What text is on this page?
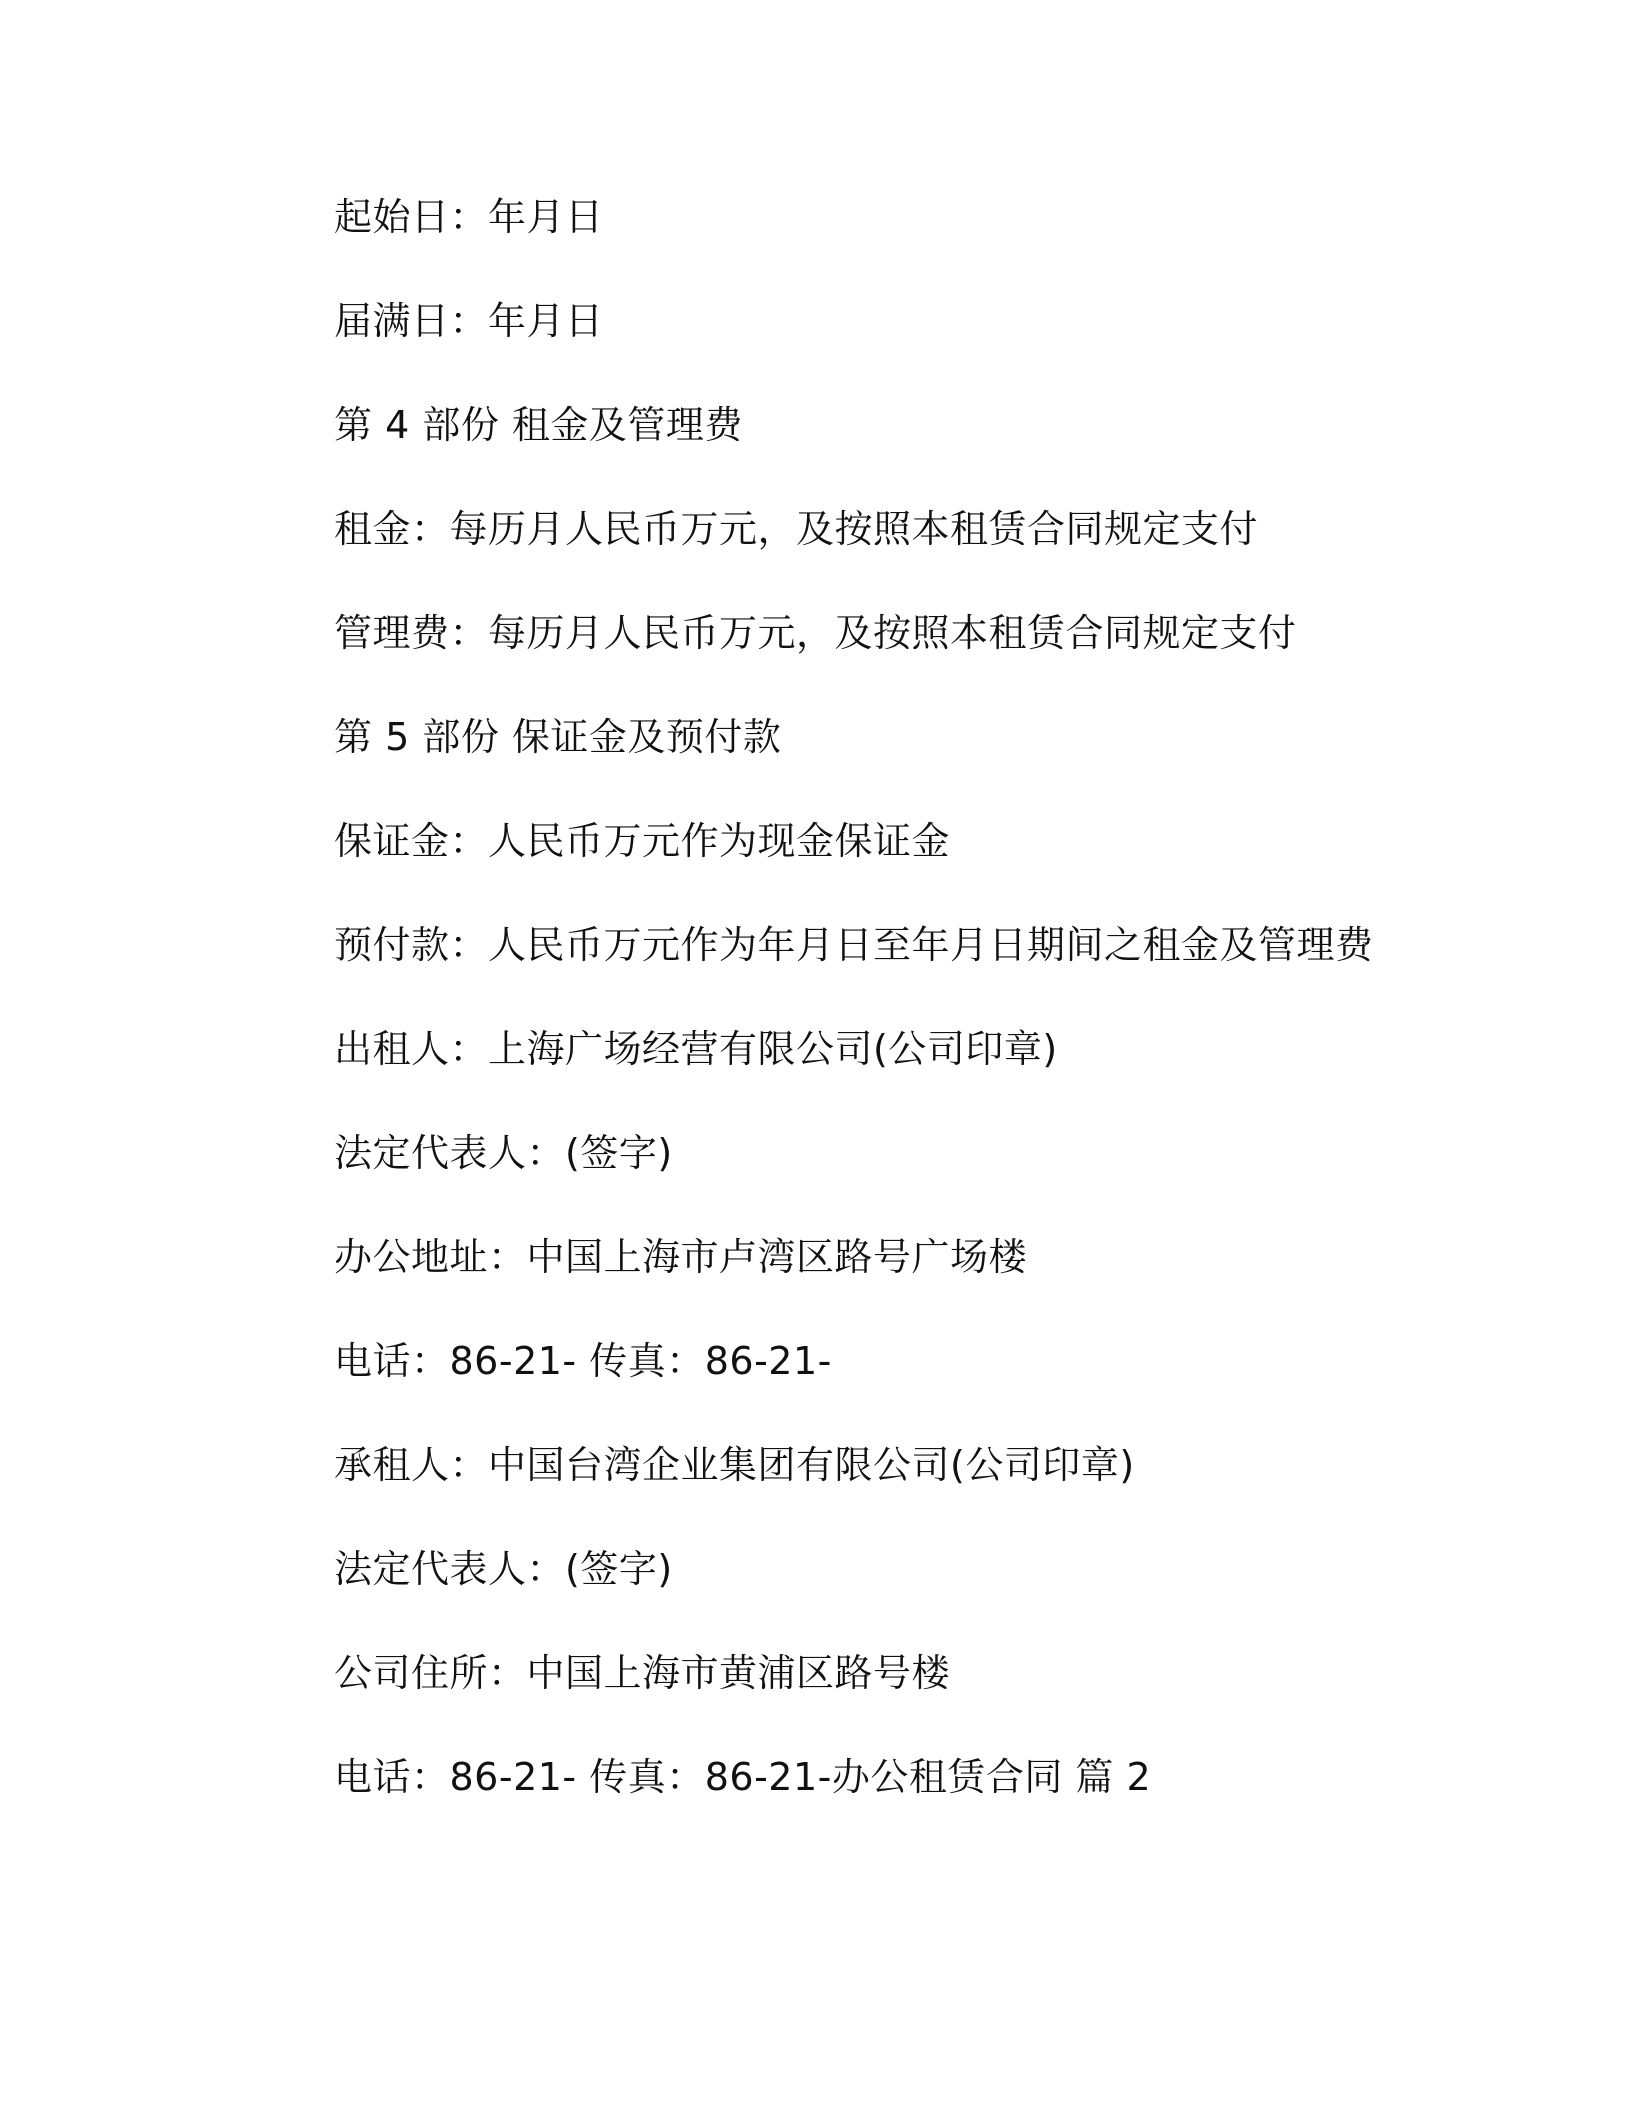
起始日：年月日
届满日：年月日
第 4 部份 租金及管理费
租金：每历月人民币万元，及按照本租赁合同规定支付
管理费：每历月人民币万元，及按照本租赁合同规定支付
第 5 部份 保证金及预付款
保证金：人民币万元作为现金保证金
预付款：人民币万元作为年月日至年月日期间之租金及管理费
出租人：上海广场经营有限公司(公司印章)
法定代表人：(签字)
办公地址：中国上海市卢湾区路号广场楼
电话：86-21- 传真：86-21-
承租人：中国台湾企业集团有限公司(公司印章)
法定代表人：(签字)
公司住所：中国上海市黄浦区路号楼
电话：86-21- 传真：86-21-办公租赁合同 篇 2
